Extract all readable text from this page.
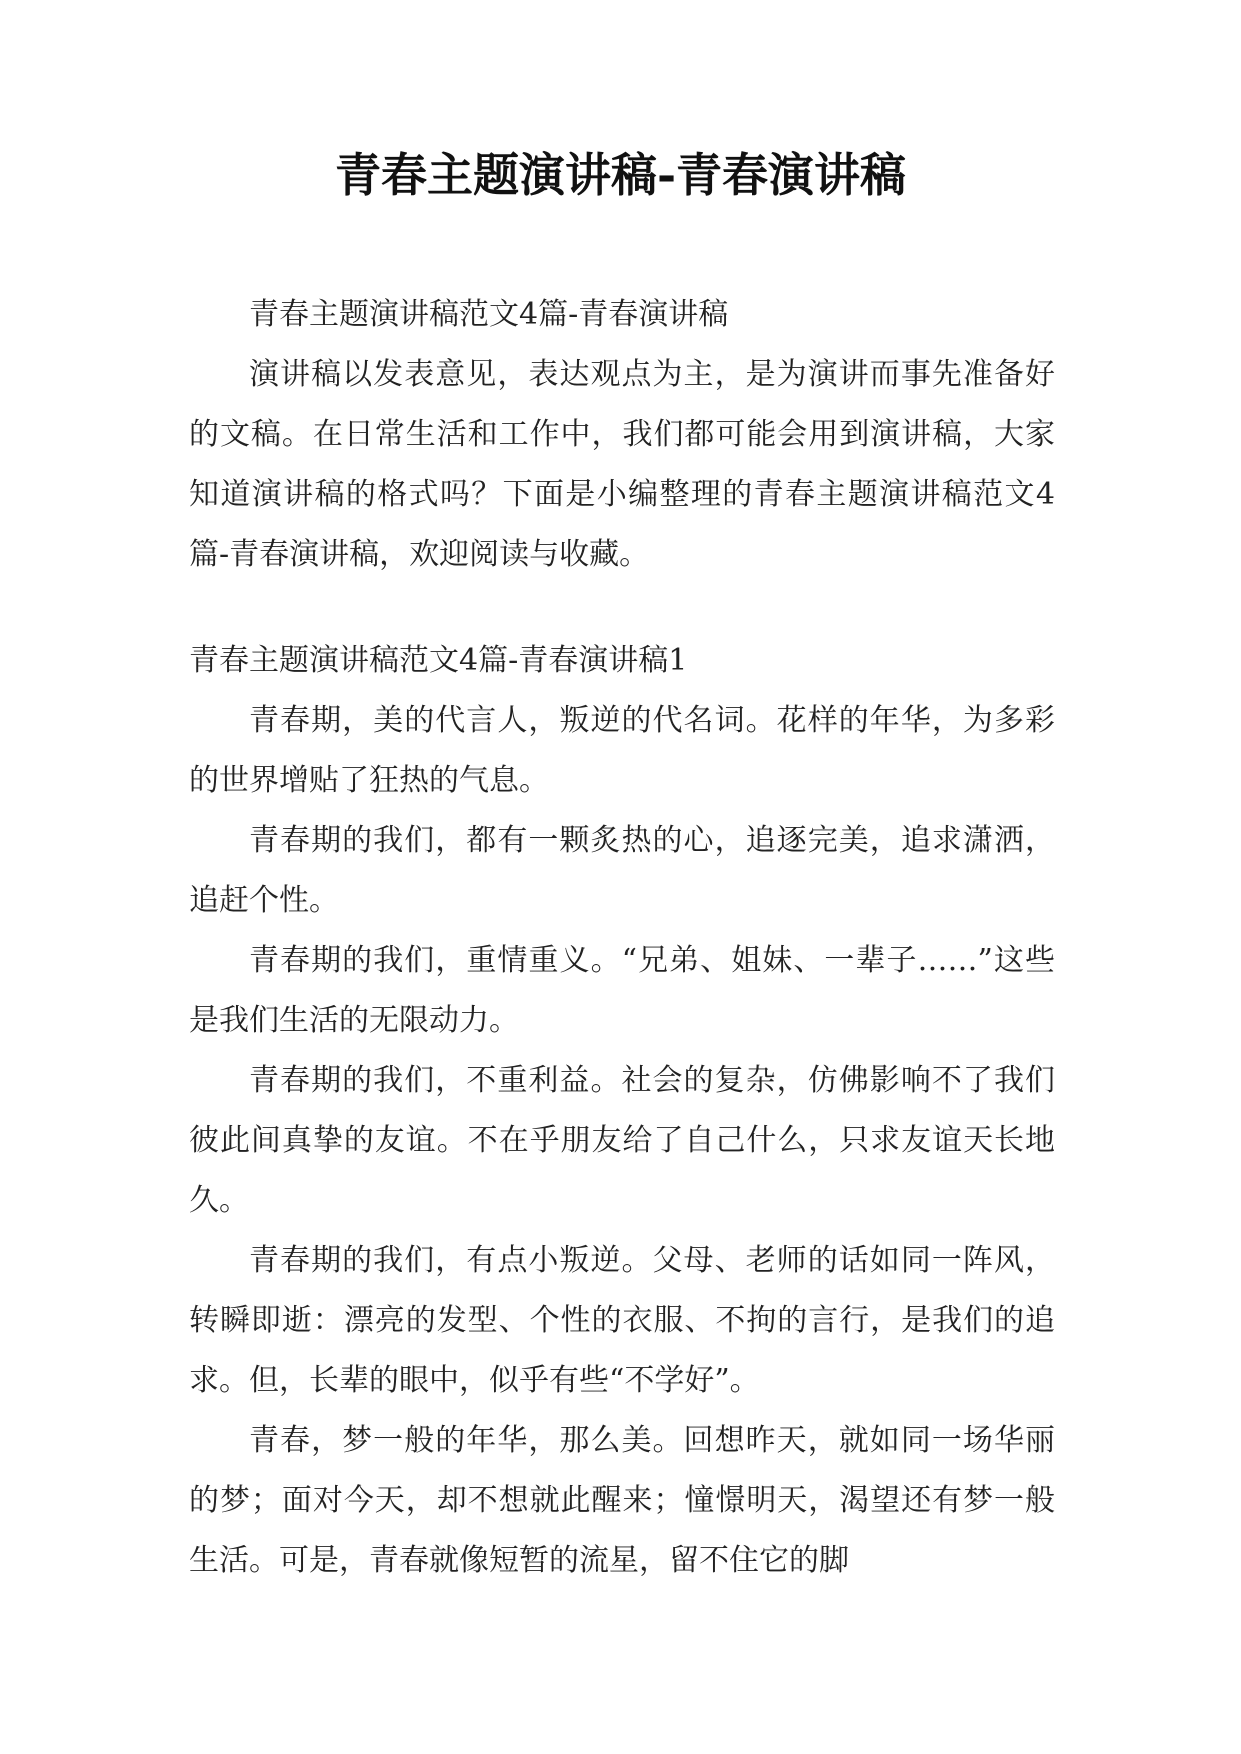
青春主题演讲稿-青春演讲稿

青春主题演讲稿范文4篇-青春演讲稿

演讲稿以发表意见，表达观点为主，是为演讲而事先准备好的文稿。在日常生活和工作中，我们都可能会用到演讲稿，大家知道演讲稿的格式吗？下面是小编整理的青春主题演讲稿范文4篇-青春演讲稿，欢迎阅读与收藏。

青春主题演讲稿范文4篇-青春演讲稿1

青春期，美的代言人，叛逆的代名词。花样的年华，为多彩的世界增贴了狂热的气息。

青春期的我们，都有一颗炙热的心，追逐完美，追求潇洒，追赶个性。

青春期的我们，重情重义。“兄弟、姐妹、一辈子……”这些是我们生活的无限动力。

青春期的我们，不重利益。社会的复杂，仿佛影响不了我们彼此间真挚的友谊。不在乎朋友给了自己什么，只求友谊天长地久。

青春期的我们，有点小叛逆。父母、老师的话如同一阵风，转瞬即逝：漂亮的发型、个性的衣服、不拘的言行，是我们的追求。但，长辈的眼中，似乎有些“不学好”。

青春，梦一般的年华，那么美。回想昨天，就如同一场华丽的梦；面对今天，却不想就此醒来；憧憬明天，渴望还有梦一般生活。可是，青春就像短暂的流星，留不住它的脚
